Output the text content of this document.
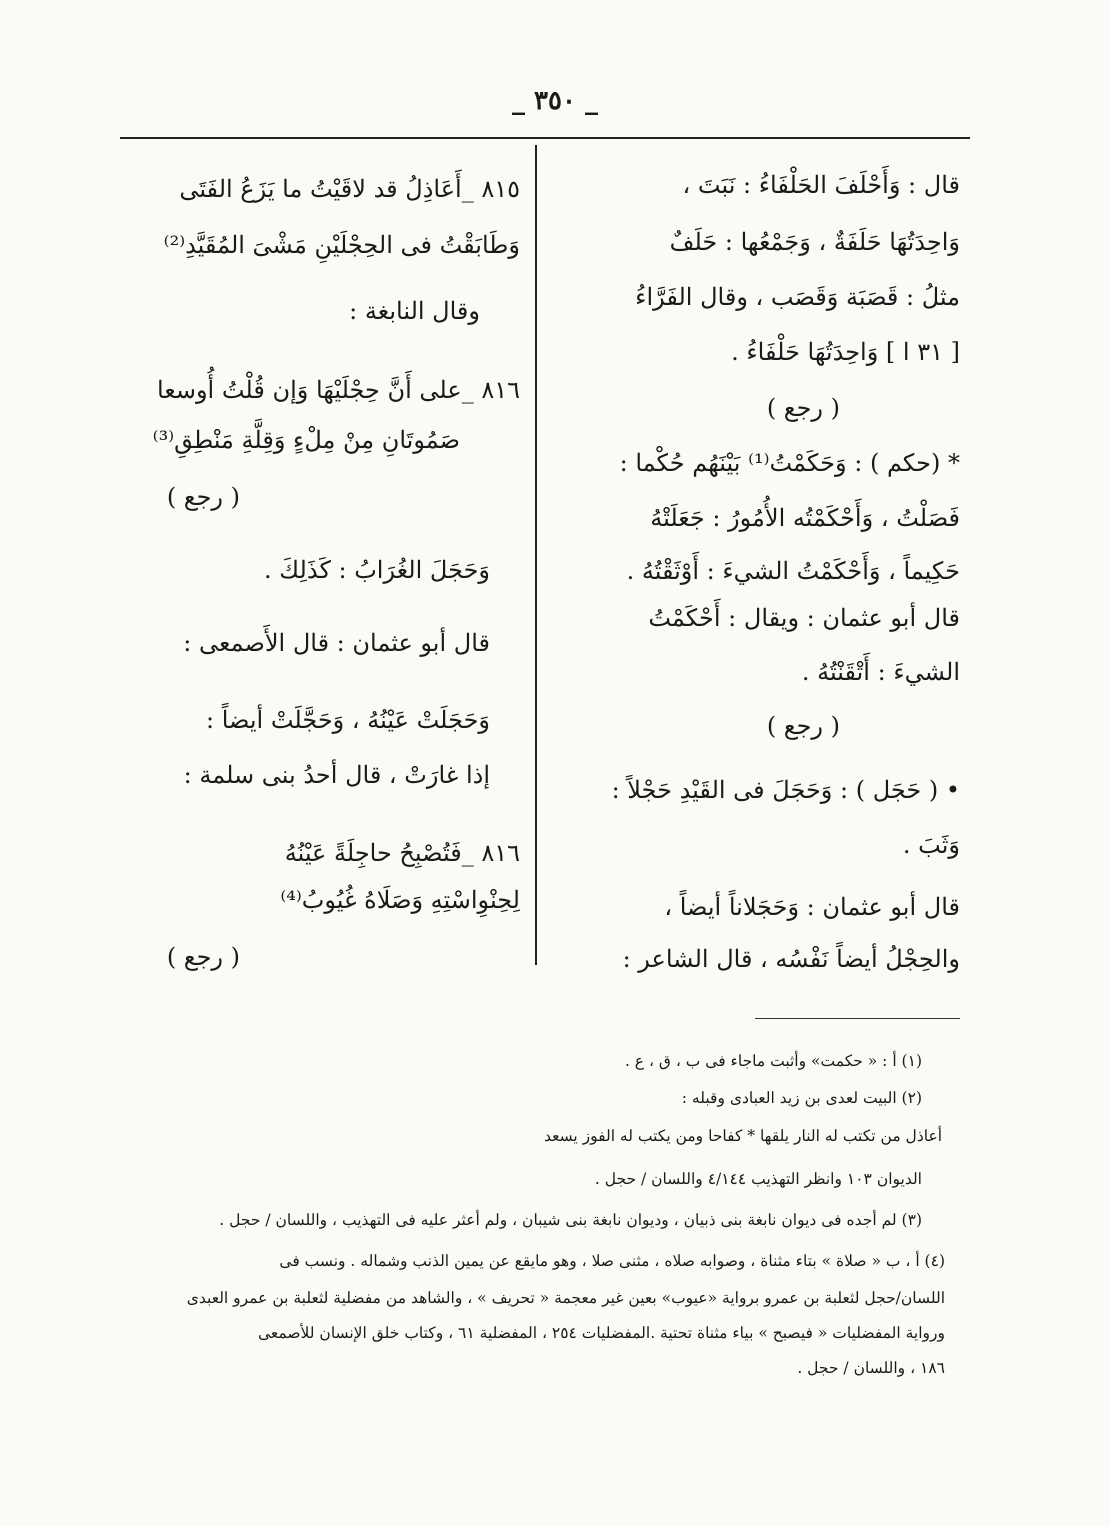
_ ٣٥٠ _
قال : وَأَحْلَفَ الحَلْفَاءُ : نَبَتَ ،
وَاحِدَتُهَا حَلَفَةٌ ، وَجَمْعُها : حَلَفٌ
مثلُ : قَصَبَة وَقَصَب ، وقال الفَرَّاءُ
[ ٣١ ا ] وَاحِدَتُهَا حَلْفَاءُ .
( رجع )
* (حكم ) : وَحَكَمْتُ⁽¹⁾ بَيْنَهُم حُكْما :
فَصَلْتُ ، وَأَحْكَمْتُه الأُمُورُ : جَعَلَتْهُ
حَكِيماً ، وَأَحْكَمْتُ الشيءَ : أَوْثَقْتُهُ .
قال أبو عثمان : ويقال : أَحْكَمْتُ
الشيءَ : أَتْقَنْتُهُ .
( رجع )
• ( حَجَل ) : وَحَجَلَ فى القَيْدِ حَجْلاً :
وَثَبَ .
قال أبو عثمان : وَحَجَلاناً أيضاً ،
والحِجْلُ أيضاً نَفْسُه ، قال الشاعر :
٨١٥ _أَعَاذِلُ قد لاقَيْتُ ما يَزَعُ الفَتَى
وَطَابَقْتُ فى الحِجْلَيْنِ مَشْىَ المُقَيَّدِ⁽²⁾
وقال النابغة :
٨١٦ _على أَنَّ حِجْلَيْهَا وَإن قُلْتُ أُوسعا
صَمُوتَانِ مِنْ مِلْءٍ وَقِلَّةِ مَنْطِقِ⁽³⁾
( رجع )
وَحَجَلَ الغُرَابُ : كَذَلِكَ .
قال أبو عثمان : قال الأَصمعى :
وَحَجَلَتْ عَيْنُهُ ، وَحَجَّلَتْ أيضاً :
إذا غارَتْ ، قال أحدُ بنى سلمة :
٨١٦ _فَتُصْبِحُ حاجِلَةً عَيْنُهُ
لِحِنْوِاسْتِهِ وَصَلَاهُ غُيُوبُ⁽⁴⁾
( رجع )
(١) أ : « حكمت» وأثبت ماجاء فى ب ، ق ، ع .
(٢) البيت لعدى بن زيد العبادى وقبله :
أعاذل من تكتب له النار يلقها * كفاحا ومن يكتب له الفوز يسعد
الديوان ١٠٣ وانظر التهذيب ٤/١٤٤ واللسان / حجل .
(٣) لم أجده فى ديوان نابغة بنى ذبيان ، وديوان نابغة بنى شيبان ، ولم أعثر عليه فى التهذيب ، واللسان / حجل .
(٤) أ ، ب « صلاة » بتاء مثناة ، وصوابه صلاه ، مثنى صلا ، وهو مايقع عن يمين الذنب وشماله . ونسب فى
اللسان/حجل لثعلبة بن عمرو برواية «عيوب» بعين غير معجمة « تحريف » ، والشاهد من مفضلية لثعلبة بن عمرو العبدى
ورواية المفضليات « فيصبح » بياء مثناة تحتية .المفضليات ٢٥٤ ، المفضلية ٦١ ، وكتاب خلق الإنسان للأصمعى
١٨٦ ، واللسان / حجل .
